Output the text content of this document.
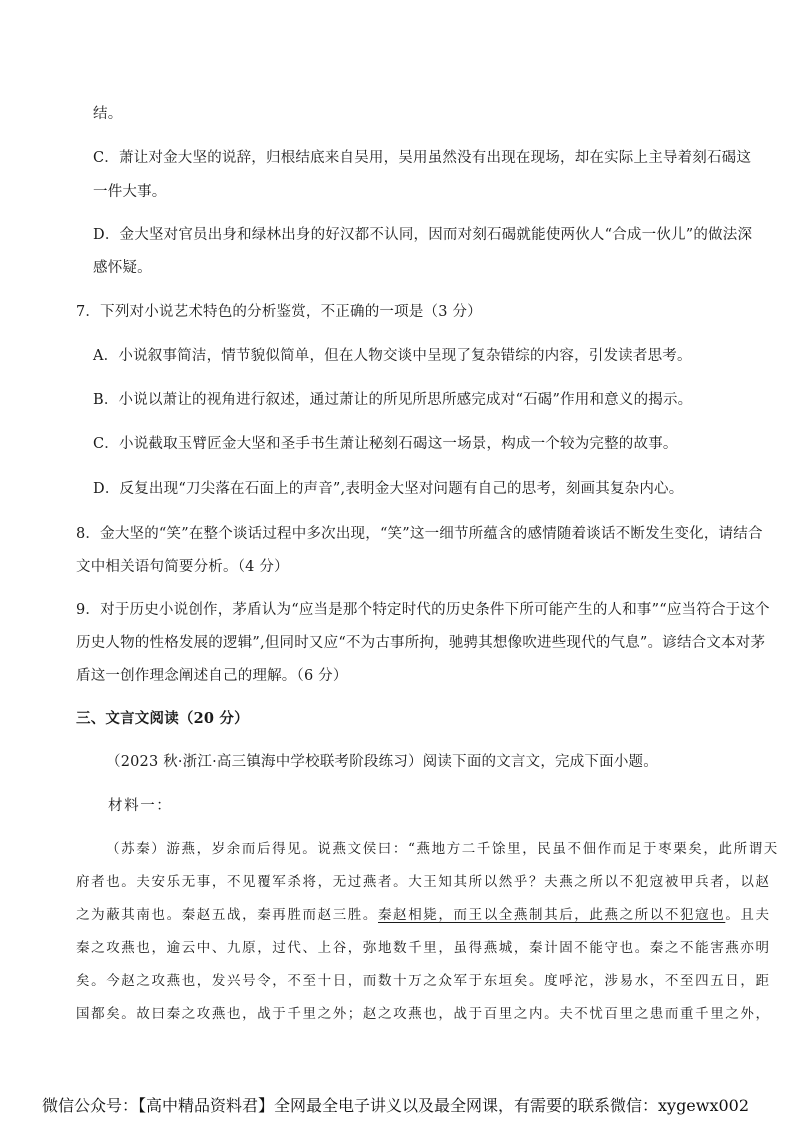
结。
C．萧让对金大坚的说辞，归根结底来自吴用，吴用虽然没有出现在现场，却在实际上主导着刻石碣这
一件大事。
D．金大坚对官员出身和绿林出身的好汉都不认同，因而对刻石碣就能使两伙人“合成一伙儿”的做法深
感怀疑。
7．下列对小说艺术特色的分析鉴赏，不正确的一项是（3 分）
A．小说叙事简洁，情节貌似简单，但在人物交谈中呈现了复杂错综的内容，引发读者思考。
B．小说以萧让的视角进行叙述，通过萧让的所见所思所感完成对“石碣”作用和意义的揭示。
C．小说截取玉臂匠金大坚和圣手书生萧让秘刻石碣这一场景，构成一个较为完整的故事。
D．反复出现“刀尖落在石面上的声音”,表明金大坚对问题有自己的思考，刻画其复杂内心。
8．金大坚的“笑”在整个谈话过程中多次出现，“笑”这一细节所蕴含的感情随着谈话不断发生变化，请结合
文中相关语句简要分析。（4 分）
9．对于历史小说创作，茅盾认为“应当是那个特定时代的历史条件下所可能产生的人和事”“应当符合于这个
历史人物的性格发展的逻辑”,但同时又应“不为古事所拘，驰骋其想像吹进些现代的气息”。谚结合文本对茅
盾这一创作理念阐述自己的理解。（6 分）
三、文言文阅读（20 分）
（2023 秋·浙江·高三镇海中学校联考阶段练习）阅读下面的文言文，完成下面小题。
材料一：
（苏秦）游燕，岁余而后得见。说燕文侯曰：“燕地方二千馀里，民虽不佃作而足于枣栗矣，此所谓天
府者也。夫安乐无事，不见覆军杀将，无过燕者。大王知其所以然乎？夫燕之所以不犯寇被甲兵者，以赵
之为蔽其南也。秦赵五战，秦再胜而赵三胜。秦赵相毙，而王以全燕制其后，此燕之所以不犯寇也。且夫
秦之攻燕也，逾云中、九原，过代、上谷，弥地数千里，虽得燕城，秦计固不能守也。秦之不能害燕亦明
矣。今赵之攻燕也，发兴号令，不至十日，而数十万之众军于东垣矣。度呼沱，涉易水，不至四五日，距
国都矣。故曰秦之攻燕也，战于千里之外；赵之攻燕也，战于百里之内。夫不忧百里之患而重千里之外，
微信公众号：【高中精品资料君】全网最全电子讲义以及最全网课，有需要的联系微信：xygewx002
